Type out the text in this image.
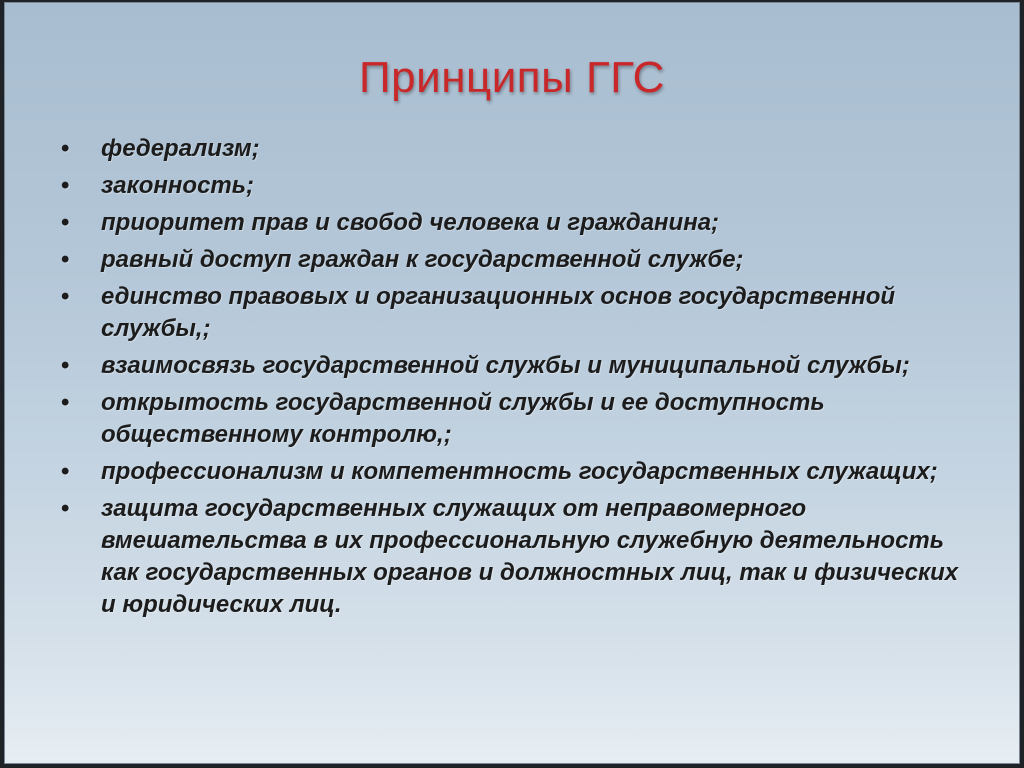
Принципы ГГС
•	федерализм;
•	законность;
•	приоритет прав и свобод человека и гражданина;
•	равный доступ граждан к государственной службе;
•	единство правовых и организационных основ государственной службы,;
•	взаимосвязь государственной службы и муниципальной службы;
•	открытость государственной службы и ее доступность общественному контролю,;
•	профессионализм и компетентность государственных служащих;
•	защита государственных служащих от неправомерного вмешательства в их профессиональную служебную деятельность как государственных органов и должностных лиц, так и физических и юридических лиц.
